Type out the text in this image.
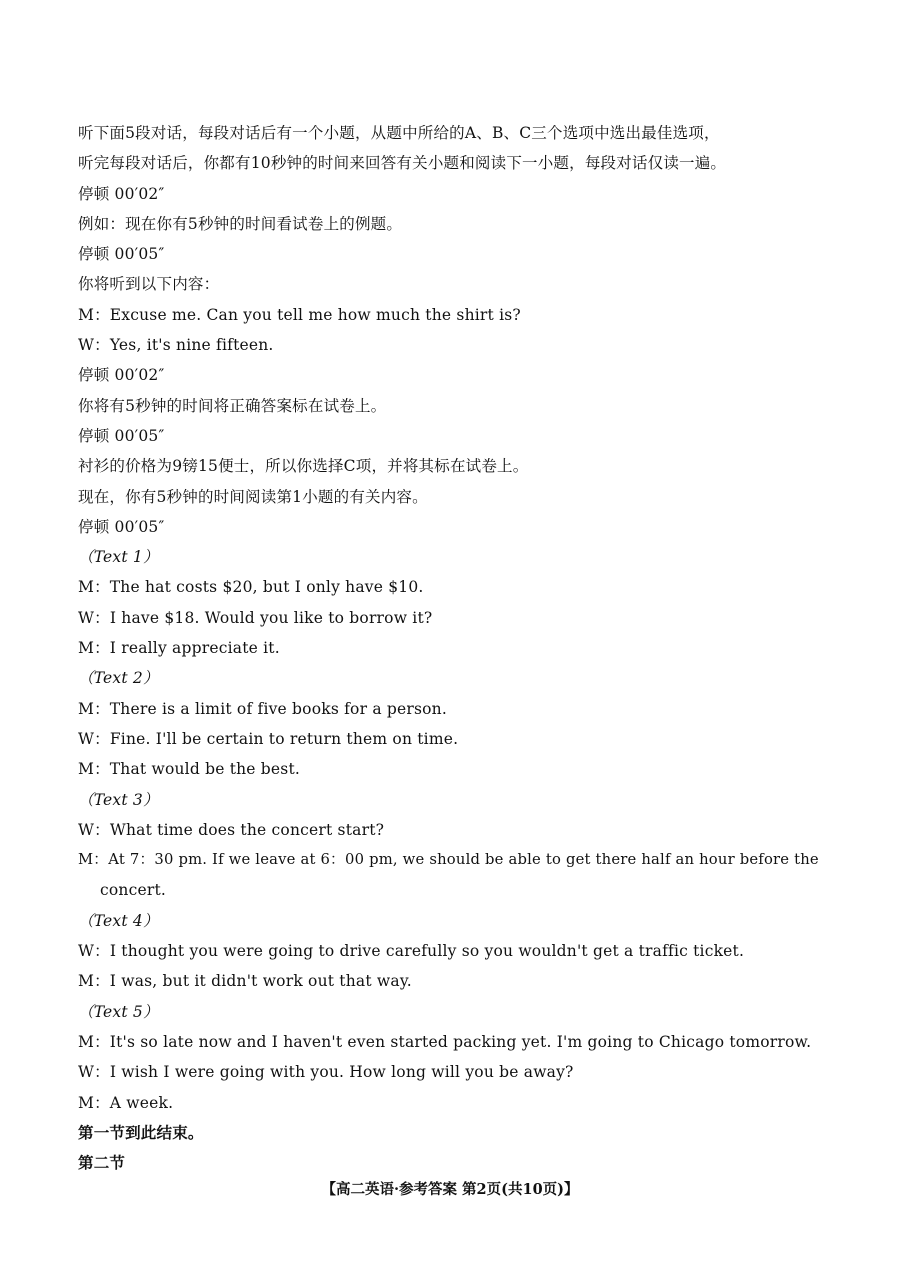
听下面5段对话，每段对话后有一个小题，从题中所给的A、B、C三个选项中选出最佳选项，
听完每段对话后，你都有10秒钟的时间来回答有关小题和阅读下一小题，每段对话仅读一遍。
停顿 00′02″
例如：现在你有5秒钟的时间看试卷上的例题。
停顿 00′05″
你将听到以下内容：
M：Excuse me. Can you tell me how much the shirt is?
W：Yes, it's nine fifteen.
停顿 00′02″
你将有5秒钟的时间将正确答案标在试卷上。
停顿 00′05″
衬衫的价格为9镑15便士，所以你选择C项，并将其标在试卷上。
现在，你有5秒钟的时间阅读第1小题的有关内容。
停顿 00′05″
（Text 1）
M：The hat costs $20, but I only have $10.
W：I have $18. Would you like to borrow it?
M：I really appreciate it.
（Text 2）
M：There is a limit of five books for a person.
W：Fine. I'll be certain to return them on time.
M：That would be the best.
（Text 3）
W：What time does the concert start?
M：At 7：30 pm. If we leave at 6：00 pm, we should be able to get there half an hour before the
concert.
（Text 4）
W：I thought you were going to drive carefully so you wouldn't get a traffic ticket.
M：I was, but it didn't work out that way.
（Text 5）
M：It's so late now and I haven't even started packing yet. I'm going to Chicago tomorrow.
W：I wish I were going with you. How long will you be away?
M：A week.
第一节到此结束。
第二节
【高二英语·参考答案 第2页(共10页)】
